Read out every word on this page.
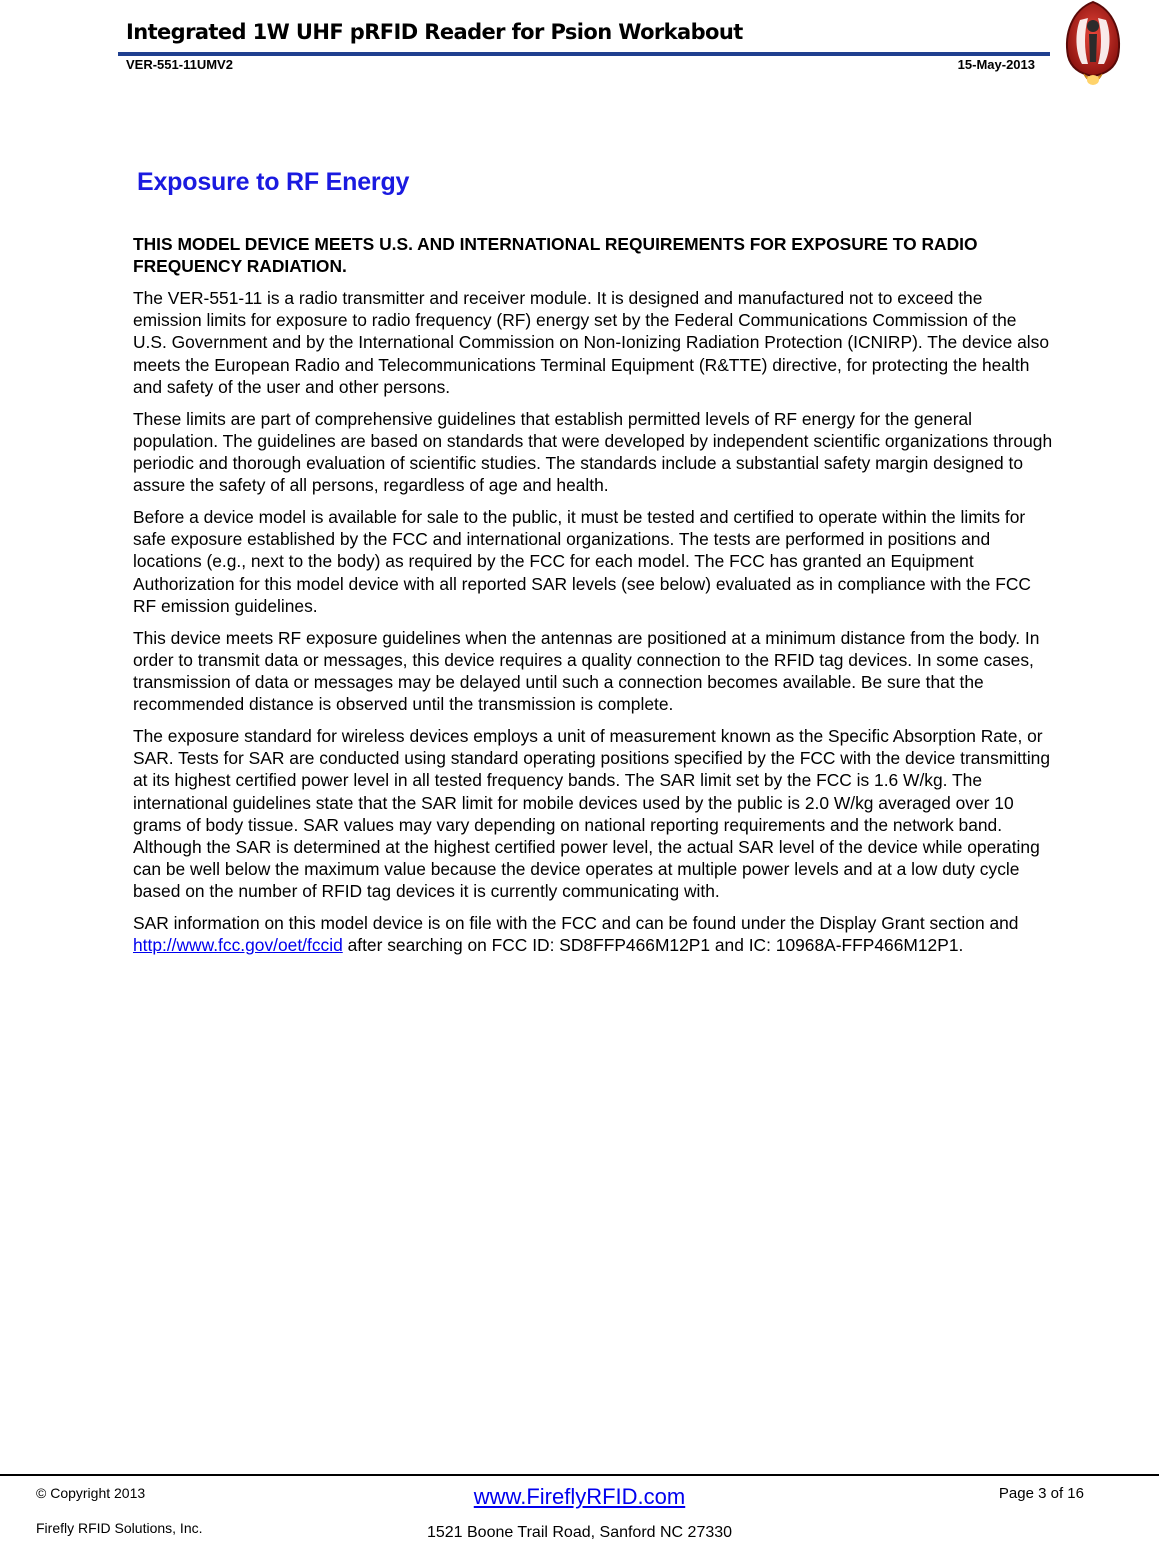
Integrated 1W UHF pRFID Reader for Psion Workabout
VER-551-11UMV2	15-May-2013
Exposure to RF Energy

THIS MODEL DEVICE MEETS U.S. AND INTERNATIONAL REQUIREMENTS FOR EXPOSURE TO RADIO FREQUENCY RADIATION.

The VER-551-11 is a radio transmitter and receiver module. It is designed and manufactured not to exceed the emission limits for exposure to radio frequency (RF) energy set by the Federal Communications Commission of the U.S. Government and by the International Commission on Non-Ionizing Radiation Protection (ICNIRP). The device also meets the European Radio and Telecommunications Terminal Equipment (R&TTE) directive, for protecting the health and safety of the user and other persons.

These limits are part of comprehensive guidelines that establish permitted levels of RF energy for the general population. The guidelines are based on standards that were developed by independent scientific organizations through periodic and thorough evaluation of scientific studies. The standards include a substantial safety margin designed to assure the safety of all persons, regardless of age and health.

Before a device model is available for sale to the public, it must be tested and certified to operate within the limits for safe exposure established by the FCC and international organizations. The tests are performed in positions and locations (e.g., next to the body) as required by the FCC for each model. The FCC has granted an Equipment Authorization for this model device with all reported SAR levels (see below) evaluated as in compliance with the FCC RF emission guidelines.

This device meets RF exposure guidelines when the antennas are positioned at a minimum distance from the body. In order to transmit data or messages, this device requires a quality connection to the RFID tag devices. In some cases, transmission of data or messages may be delayed until such a connection becomes available. Be sure that the recommended distance is observed until the transmission is complete.

The exposure standard for wireless devices employs a unit of measurement known as the Specific Absorption Rate, or SAR. Tests for SAR are conducted using standard operating positions specified by the FCC with the device transmitting at its highest certified power level in all tested frequency bands. The SAR limit set by the FCC is 1.6 W/kg. The international guidelines state that the SAR limit for mobile devices used by the public is 2.0 W/kg averaged over 10 grams of body tissue. SAR values may vary depending on national reporting requirements and the network band. Although the SAR is determined at the highest certified power level, the actual SAR level of the device while operating can be well below the maximum value because the device operates at multiple power levels and at a low duty cycle based on the number of RFID tag devices it is currently communicating with.

SAR information on this model device is on file with the FCC and can be found under the Display Grant section and http://www.fcc.gov/oet/fccid after searching on FCC ID: SD8FFP466M12P1 and IC: 10968A-FFP466M12P1.

© Copyright 2013
Firefly RFID Solutions, Inc.
www.FireflyRFID.com
1521 Boone Trail Road, Sanford NC 27330
Page 3 of 16
